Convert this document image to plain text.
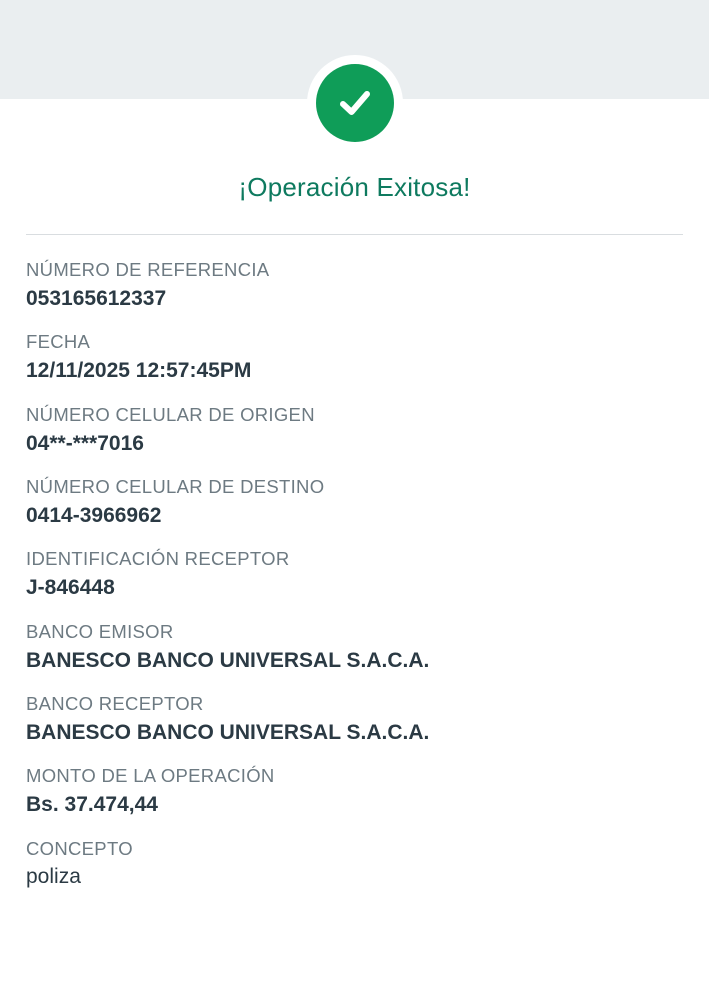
¡Operación Exitosa!
NÚMERO DE REFERENCIA
053165612337
FECHA
12/11/2025 12:57:45PM
NÚMERO CELULAR DE ORIGEN
04**-***7016
NÚMERO CELULAR DE DESTINO
0414-3966962
IDENTIFICACIÓN RECEPTOR
J-846448
BANCO EMISOR
BANESCO BANCO UNIVERSAL S.A.C.A.
BANCO RECEPTOR
BANESCO BANCO UNIVERSAL S.A.C.A.
MONTO DE LA OPERACIÓN
Bs. 37.474,44
CONCEPTO
poliza
